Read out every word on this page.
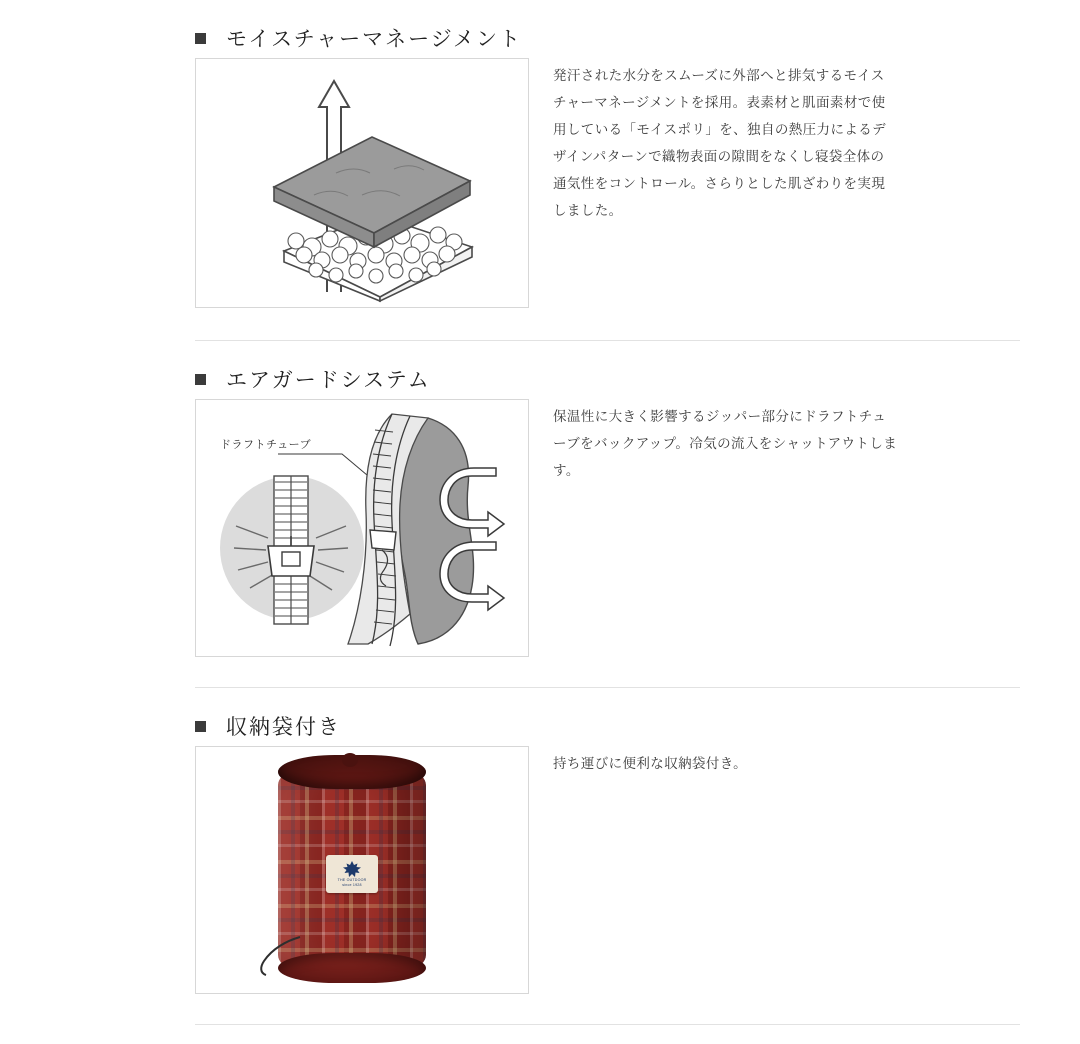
モイスチャーマネージメント
発汗された水分をスムーズに外部へと排気するモイスチャーマネージメントを採用。表素材と肌面素材で使用している「モイスポリ」を、独自の熱圧力によるデザインパターンで織物表面の隙間をなくし寝袋全体の通気性をコントロール。さらりとした肌ざわりを実現しました。
エアガードシステム
ドラフトチューブ
保温性に大きく影響するジッパー部分にドラフトチューブをバックアップ。冷気の流入をシャットアウトします。
収納袋付き
THE OUTDOOR
since 1928
持ち運びに便利な収納袋付き。
